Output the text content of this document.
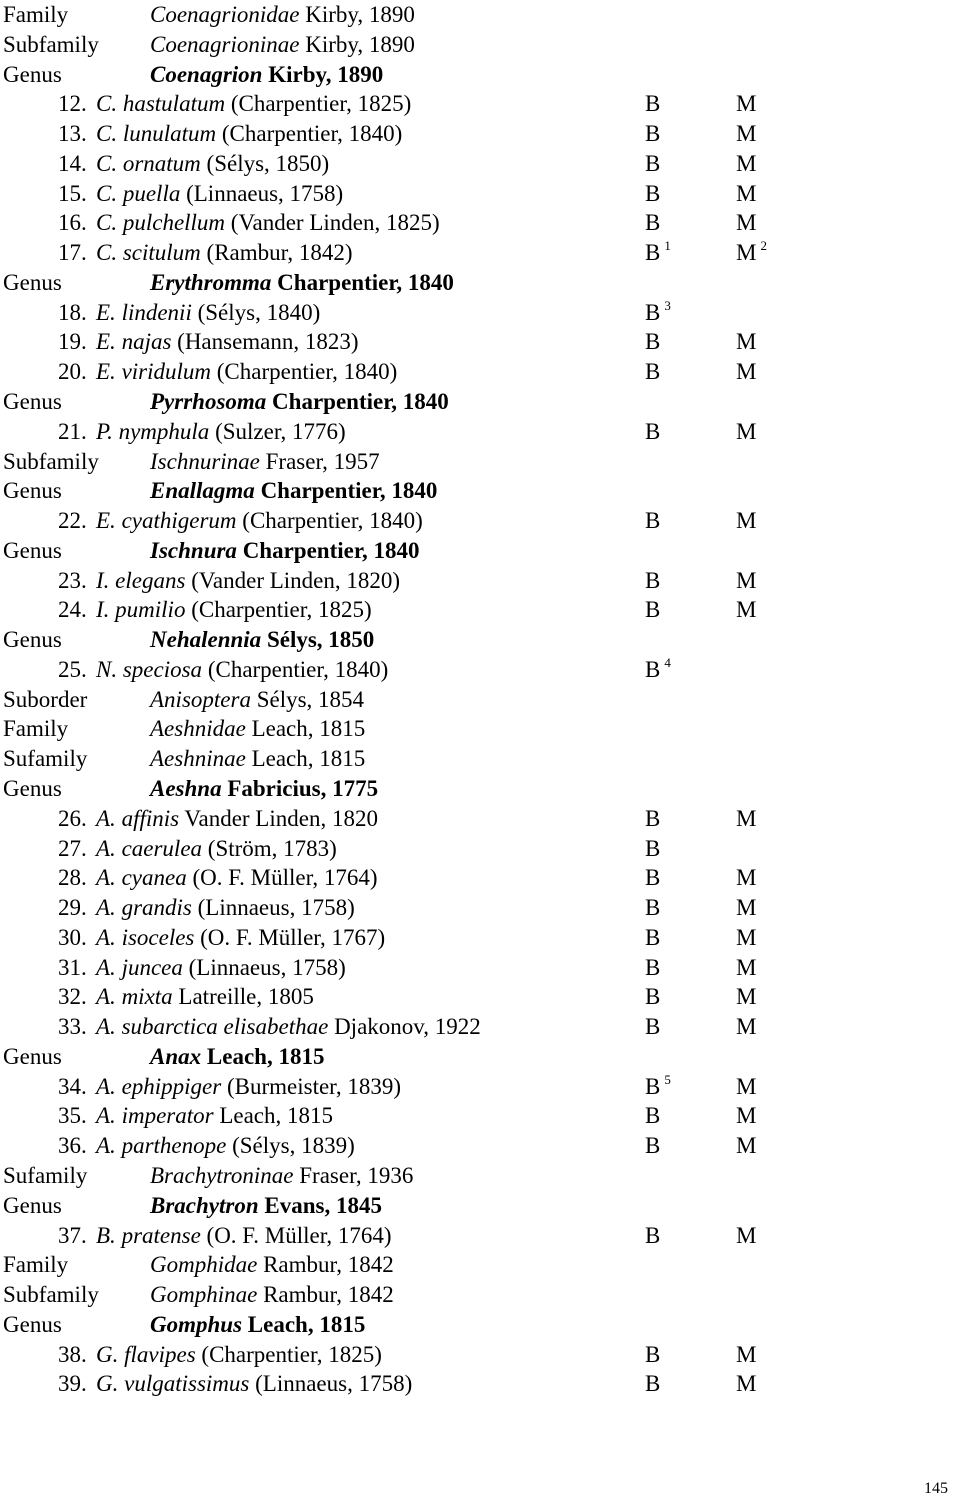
Family	Coenagrionidae Kirby, 1890
Subfamily Coenagrioninae Kirby, 1890
Genus	Coenagrion Kirby, 1890
12. C. hastulatum (Charpentier, 1825)	B	M
13. C. lunulatum (Charpentier, 1840)	B	M
14. C. ornatum (Sélys, 1850)	B	M
15. C. puella (Linnaeus, 1758)	B	M
16. C. pulchellum (Vander Linden, 1825)	B	M
17. C. scitulum (Rambur, 1842)	B $^1$	M $^2$
Genus	Erythromma Charpentier, 1840
18. E. lindenii (Sélys, 1840)	B $^3$
19. E. najas (Hansemann, 1823)	B	M
20. E. viridulum (Charpentier, 1840)	B	M
Genus	Pyrrhosoma Charpentier, 1840
21. P. nymphula (Sulzer, 1776)	B	M
Subfamily Ischnurinae Fraser, 1957
Genus	Enallagma Charpentier, 1840
22. E. cyathigerum (Charpentier, 1840)	B	M
Genus	Ischnura Charpentier, 1840
23. I. elegans (Vander Linden, 1820)	B	M
24. I. pumilio (Charpentier, 1825)	B	M
Genus	Nehalennia Sélys, 1850
25. N. speciosa (Charpentier, 1840)	B $^4$
Suborder	Anisoptera Sélys, 1854
Family	Aeshnidae Leach, 1815
Sufamily	Aeshninae Leach, 1815
Genus	Aeshna Fabricius, 1775
26. A. affinis Vander Linden, 1820	B	M
27. A. caerulea (Ström, 1783)	B
28. A. cyanea (O. F. Müller, 1764)	B	M
29. A. grandis (Linnaeus, 1758)	B	M
30. A. isoceles (O. F. Müller, 1767)	B	M
31. A. juncea (Linnaeus, 1758)	B	M
32. A. mixta Latreille, 1805	B	M
33. A. subarctica elisabethae Djakonov, 1922	B	M
Genus	Anax Leach, 1815
34. A. ephippiger (Burmeister, 1839)	B $^5$	M
35. A. imperator Leach, 1815	B	M
36. A. parthenope (Sélys, 1839)	B	M
Sufamily	Brachytroninae Fraser, 1936
Genus	Brachytron Evans, 1845
37. B. pratense (O. F. Müller, 1764)	B	M
Family	Gomphidae Rambur, 1842
Subfamily Gomphinae Rambur, 1842
Genus	Gomphus Leach, 1815
38. G. flavipes (Charpentier, 1825)	B	M
39. G. vulgatissimus (Linnaeus, 1758)	B	M
145
